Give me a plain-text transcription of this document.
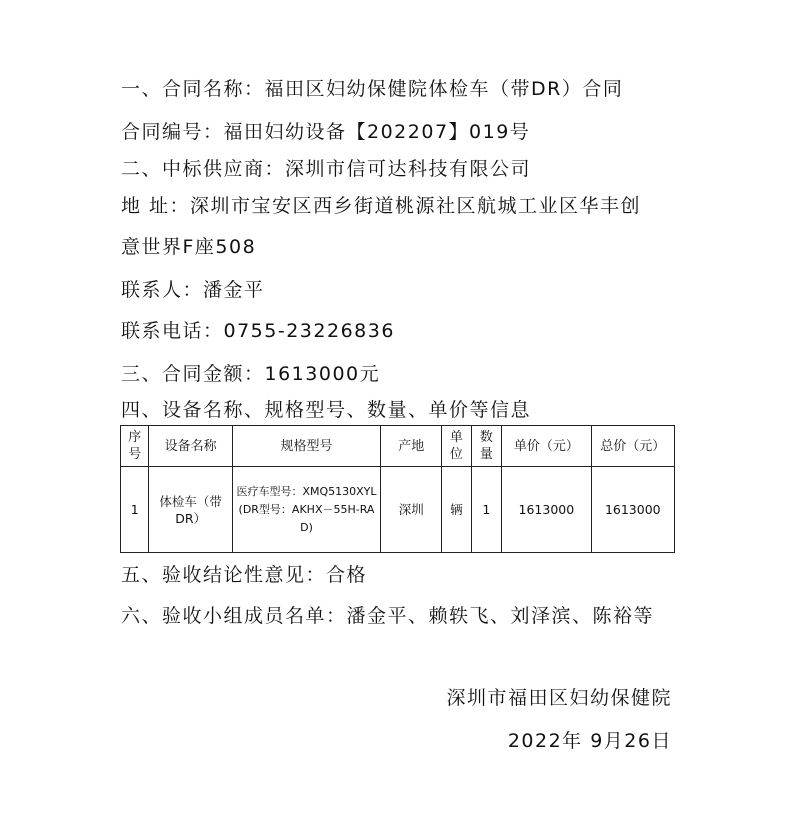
一、合同名称：福田区妇幼保健院体检车（带DR）合同
合同编号：福田妇幼设备【202207】019号
二、中标供应商：深圳市信可达科技有限公司
地 址：深圳市宝安区西乡街道桃源社区航城工业区华丰创
意世界F座508
联系人：潘金平
联系电话：0755-23226836
三、合同金额：1613000元
四、设备名称、规格型号、数量、单价等信息
序号	设备名称	规格型号	产地	单位	数量	单价（元）	总价（元）
1	体检车（带DR）	医疗车型号：XMQ5130XYL(DR型号：AKHX－55H-RAD)	深圳	辆	1	1613000	1613000
五、验收结论性意见：合格
六、验收小组成员名单：潘金平、赖轶飞、刘泽滨、陈裕等
深圳市福田区妇幼保健院
2022年 9月26日
